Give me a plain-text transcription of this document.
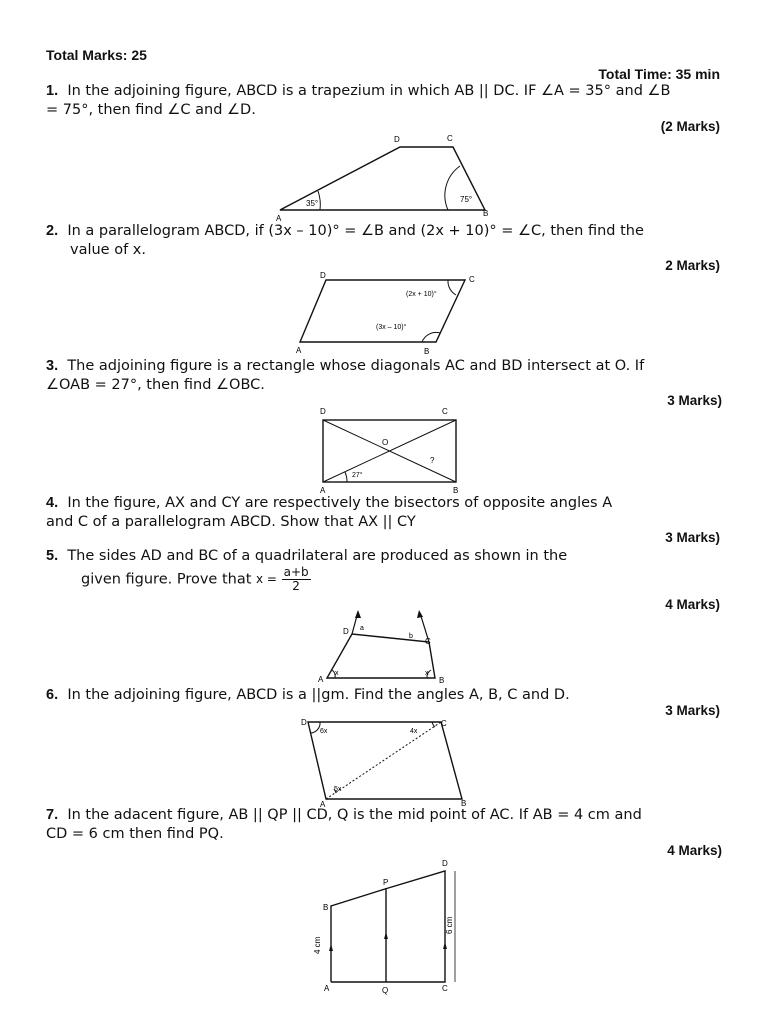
Total Marks: 25
Total Time: 35 min
1. In the adjoining figure, ABCD is a trapezium in which AB || DC. IF ∠A = 35° and ∠B
= 75°, then find ∠C and ∠D.
(2 Marks)
A
B
C
D
35°	75°
2. In a parallelogram ABCD, if (3x – 10)° = ∠B and (2x + 10)° = ∠C, then find the
value of x.
2 Marks)
A	B
C
D
(2x + 10)°
(3x – 10)°
3. The adjoining figure is a rectangle whose diagonals AC and BD intersect at O. If
∠OAB = 27°, then find ∠OBC.
3 Marks)
A	B
C
D
O
27°
?
4. In the figure, AX and CY are respectively the bisectors of opposite angles A
and C of a parallelogram ABCD. Show that AX || CY
3 Marks)
5. The sides AD and BC of a quadrilateral are produced as shown in the
given figure. Prove that $x = \frac{a+b}{2}$
4 Marks)
A	B
C
D a
b
x	x
6. In the adjoining figure, ABCD is a ||gm. Find the angles A, B, C and D.
3 Marks)
A	B
C
D
6x	4x
5x
7. In the adacent figure, AB || QP || CD, Q is the mid point of AC. If AB = 4 cm and
CD = 6 cm then find PQ.
4 Marks)
B
P
D
A	Q	C
4 cm
6 cm
